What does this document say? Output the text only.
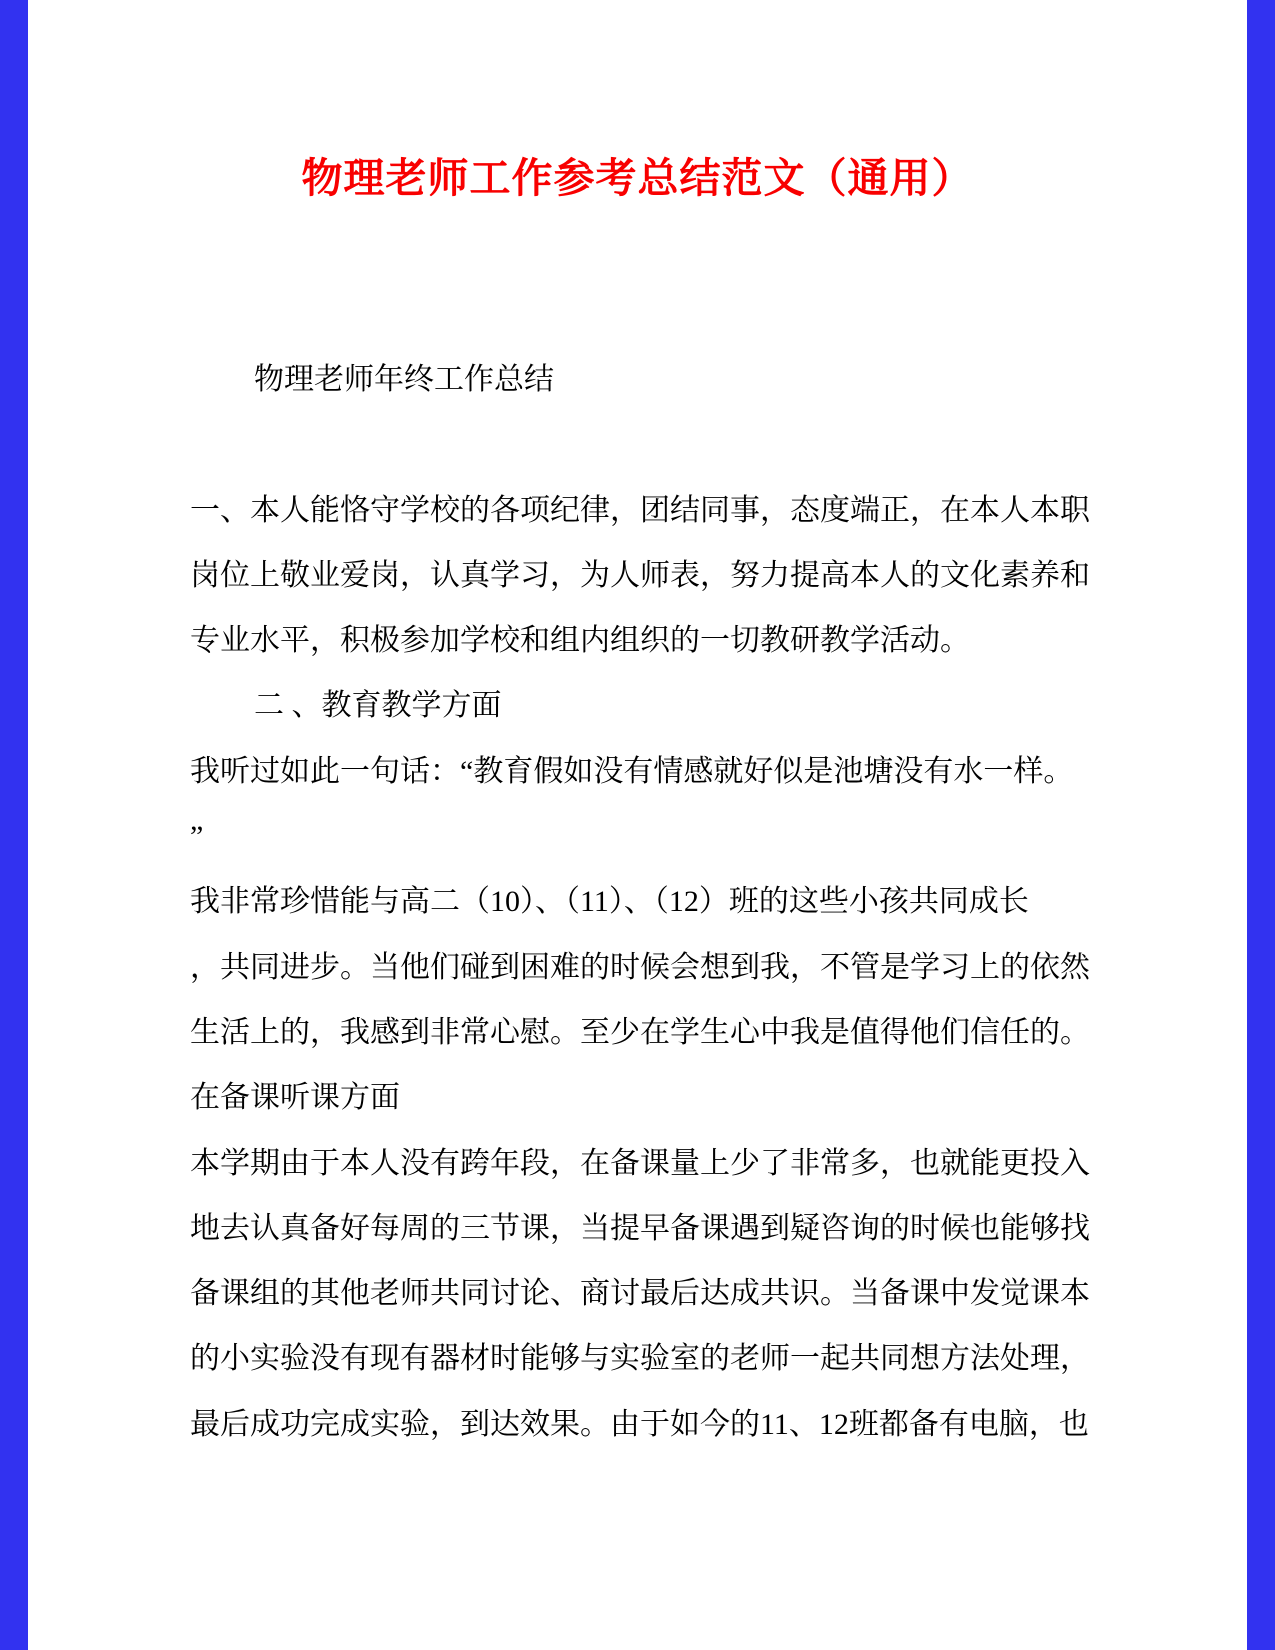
物理老师工作参考总结范文（通用）
物理老师年终工作总结
一、本人能恪守学校的各项纪律，团结同事，态度端正，在本人本职
岗位上敬业爱岗，认真学习，为人师表，努力提高本人的文化素养和
专业水平，积极参加学校和组内组织的一切教研教学活动。
二 、教育教学方面
我听过如此一句话：“教育假如没有情感就好似是池塘没有水一样。
”
我非常珍惜能与高二（10）、（11）、（12）班的这些小孩共同成长
，共同进步。当他们碰到困难的时候会想到我，不管是学习上的依然
生活上的，我感到非常心慰。至少在学生心中我是值得他们信任的。
在备课听课方面
本学期由于本人没有跨年段，在备课量上少了非常多，也就能更投入
地去认真备好每周的三节课，当提早备课遇到疑咨询的时候也能够找
备课组的其他老师共同讨论、商讨最后达成共识。当备课中发觉课本
的小实验没有现有器材时能够与实验室的老师一起共同想方法处理，
最后成功完成实验，到达效果。由于如今的11、12班都备有电脑，也
